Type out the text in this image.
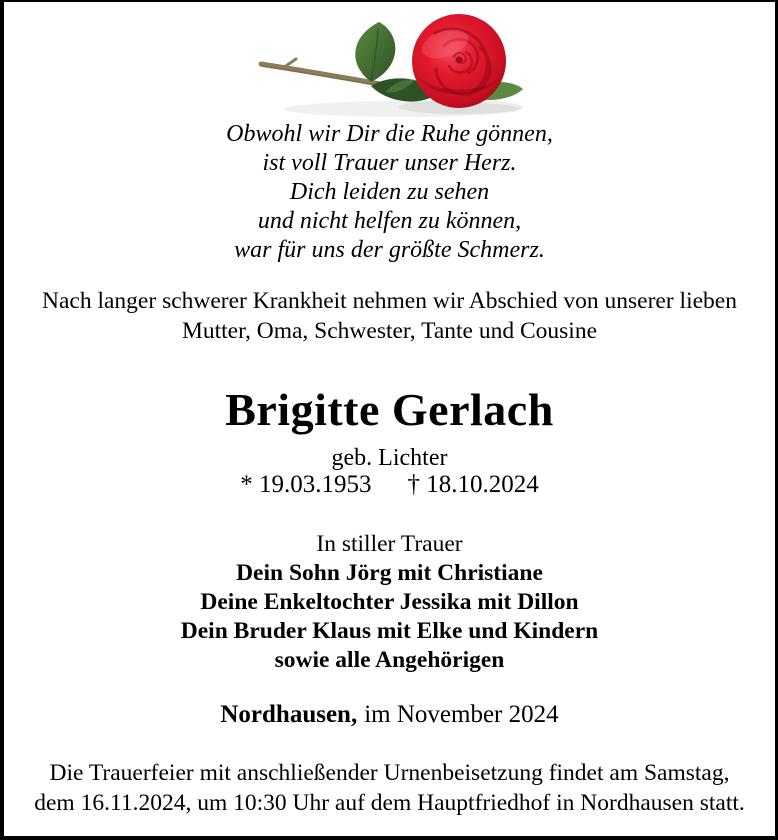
Obwohl wir Dir die Ruhe gönnen,
ist voll Trauer unser Herz.
Dich leiden zu sehen
und nicht helfen zu können,
war für uns der größte Schmerz.
Nach langer schwerer Krankheit nehmen wir Abschied von unserer lieben
Mutter, Oma, Schwester, Tante und Cousine
Brigitte Gerlach
geb. Lichter
* 19.03.1953 † 18.10.2024
In stiller Trauer
Dein Sohn Jörg mit Christiane
Deine Enkeltochter Jessika mit Dillon
Dein Bruder Klaus mit Elke und Kindern
sowie alle Angehörigen
Nordhausen, im November 2024
Die Trauerfeier mit anschließender Urnenbeisetzung findet am Samstag,
dem 16.11.2024, um 10:30 Uhr auf dem Hauptfriedhof in Nordhausen statt.
